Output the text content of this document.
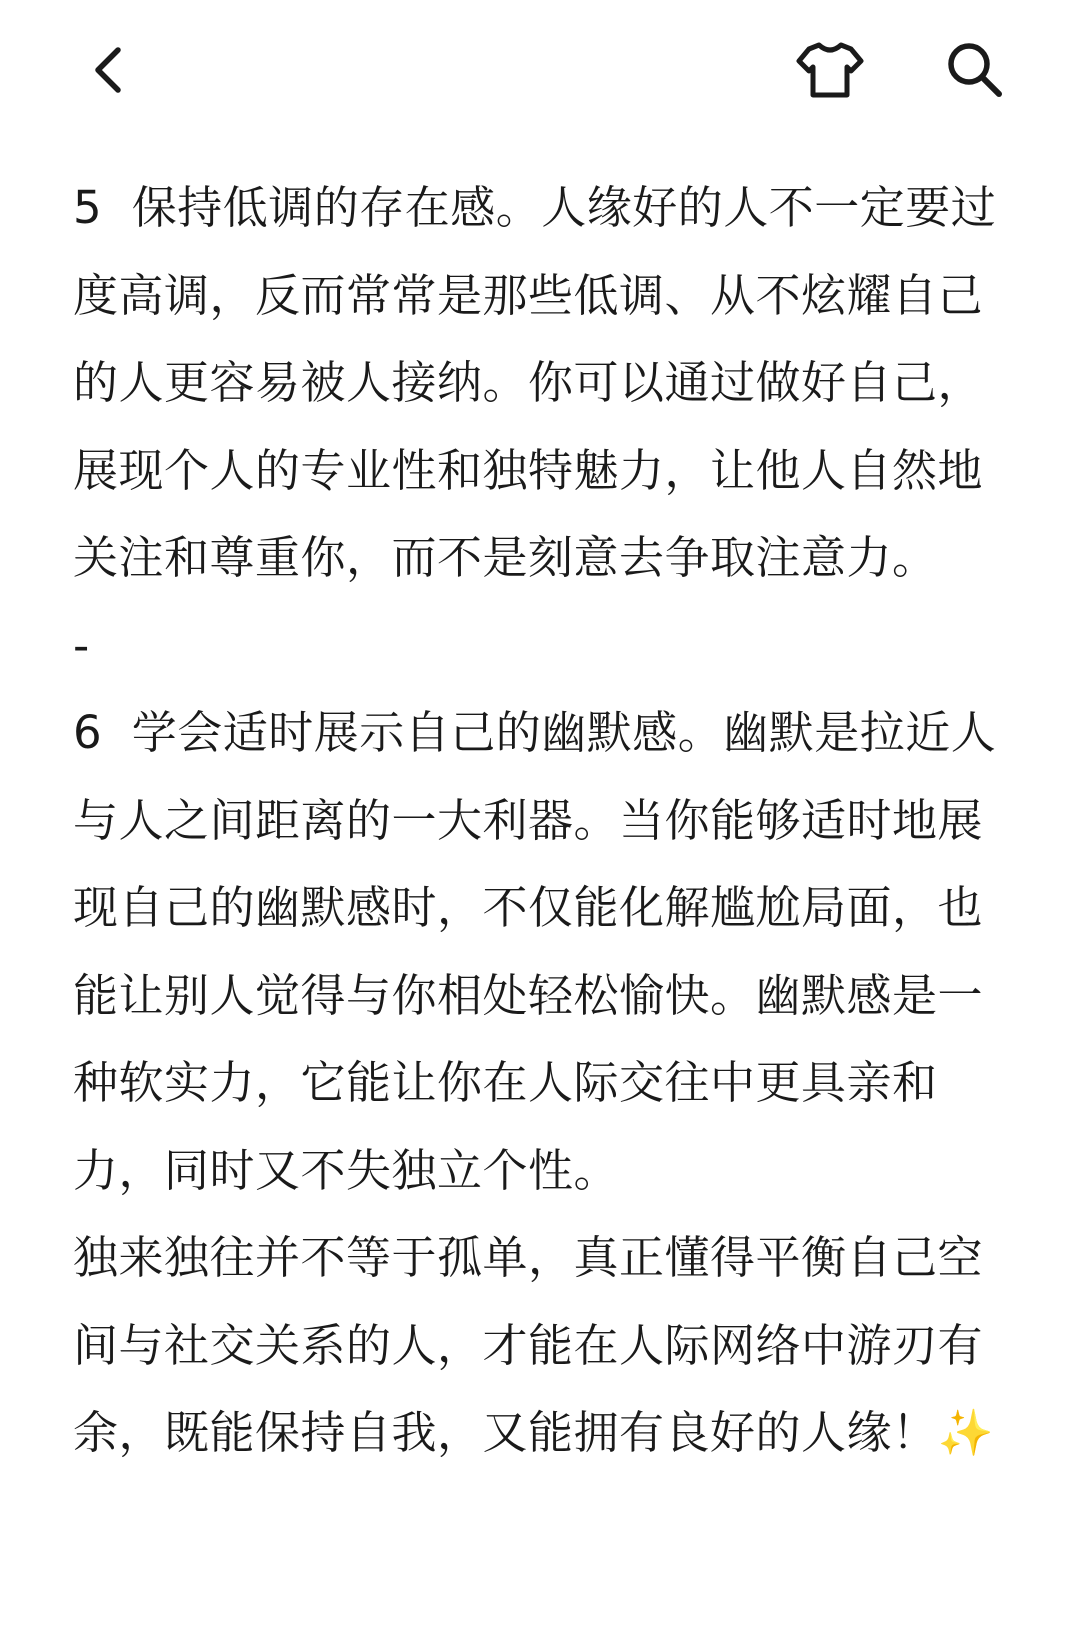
5  保持低调的存在感。人缘好的人不一定要过度高调，反而常常是那些低调、从不炫耀自己的人更容易被人接纳。你可以通过做好自己，展现个人的专业性和独特魅力，让他人自然地关注和尊重你，而不是刻意去争取注意力。

-

6  学会适时展示自己的幽默感。幽默是拉近人与人之间距离的一大利器。当你能够适时地展现自己的幽默感时，不仅能化解尴尬局面，也能让别人觉得与你相处轻松愉快。幽默感是一种软实力，它能让你在人际交往中更具亲和力，同时又不失独立个性。

独来独往并不等于孤单，真正懂得平衡自己空间与社交关系的人，才能在人际网络中游刃有余，既能保持自我，又能拥有良好的人缘！✨
